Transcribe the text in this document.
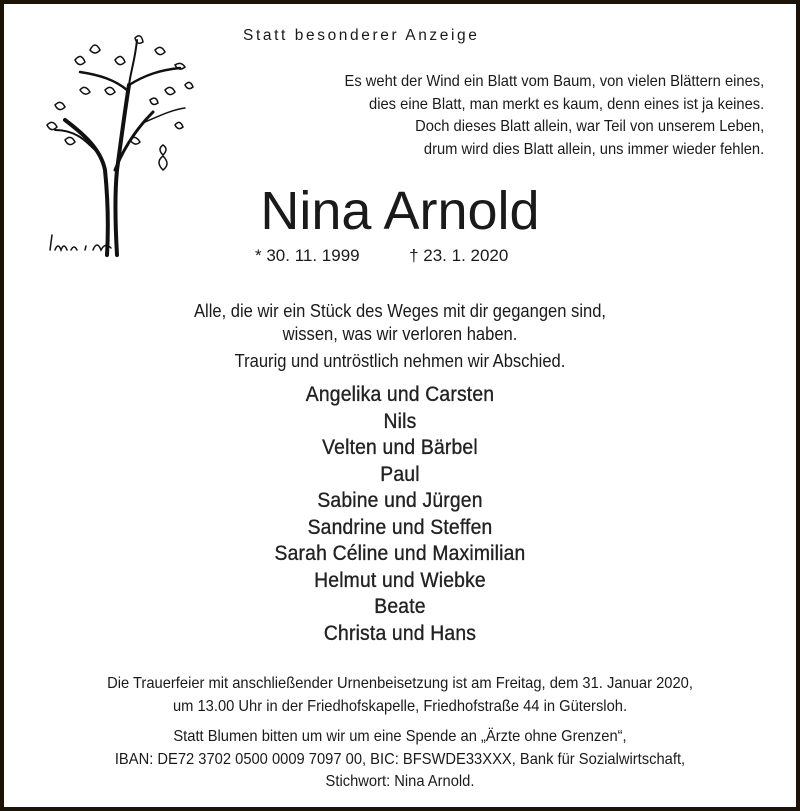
Statt besonderer Anzeige
Es weht der Wind ein Blatt vom Baum, von vielen Blättern eines,
dies eine Blatt, man merkt es kaum, denn eines ist ja keines.
Doch dieses Blatt allein, war Teil von unserem Leben,
drum wird dies Blatt allein, uns immer wieder fehlen.
Nina Arnold
* 30. 11. 1999	† 23. 1. 2020
Alle, die wir ein Stück des Weges mit dir gegangen sind,
wissen, was wir verloren haben.
Traurig und untröstlich nehmen wir Abschied.
Angelika und Carsten
Nils
Velten und Bärbel
Paul
Sabine und Jürgen
Sandrine und Steffen
Sarah Céline und Maximilian
Helmut und Wiebke
Beate
Christa und Hans
Die Trauerfeier mit anschließender Urnenbeisetzung ist am Freitag, dem 31. Januar 2020,
um 13.00 Uhr in der Friedhofskapelle, Friedhofstraße 44 in Gütersloh.
Statt Blumen bitten um wir um eine Spende an „Ärzte ohne Grenzen“,
IBAN: DE72 3702 0500 0009 7097 00, BIC: BFSWDE33XXX, Bank für Sozialwirtschaft,
Stichwort: Nina Arnold.
